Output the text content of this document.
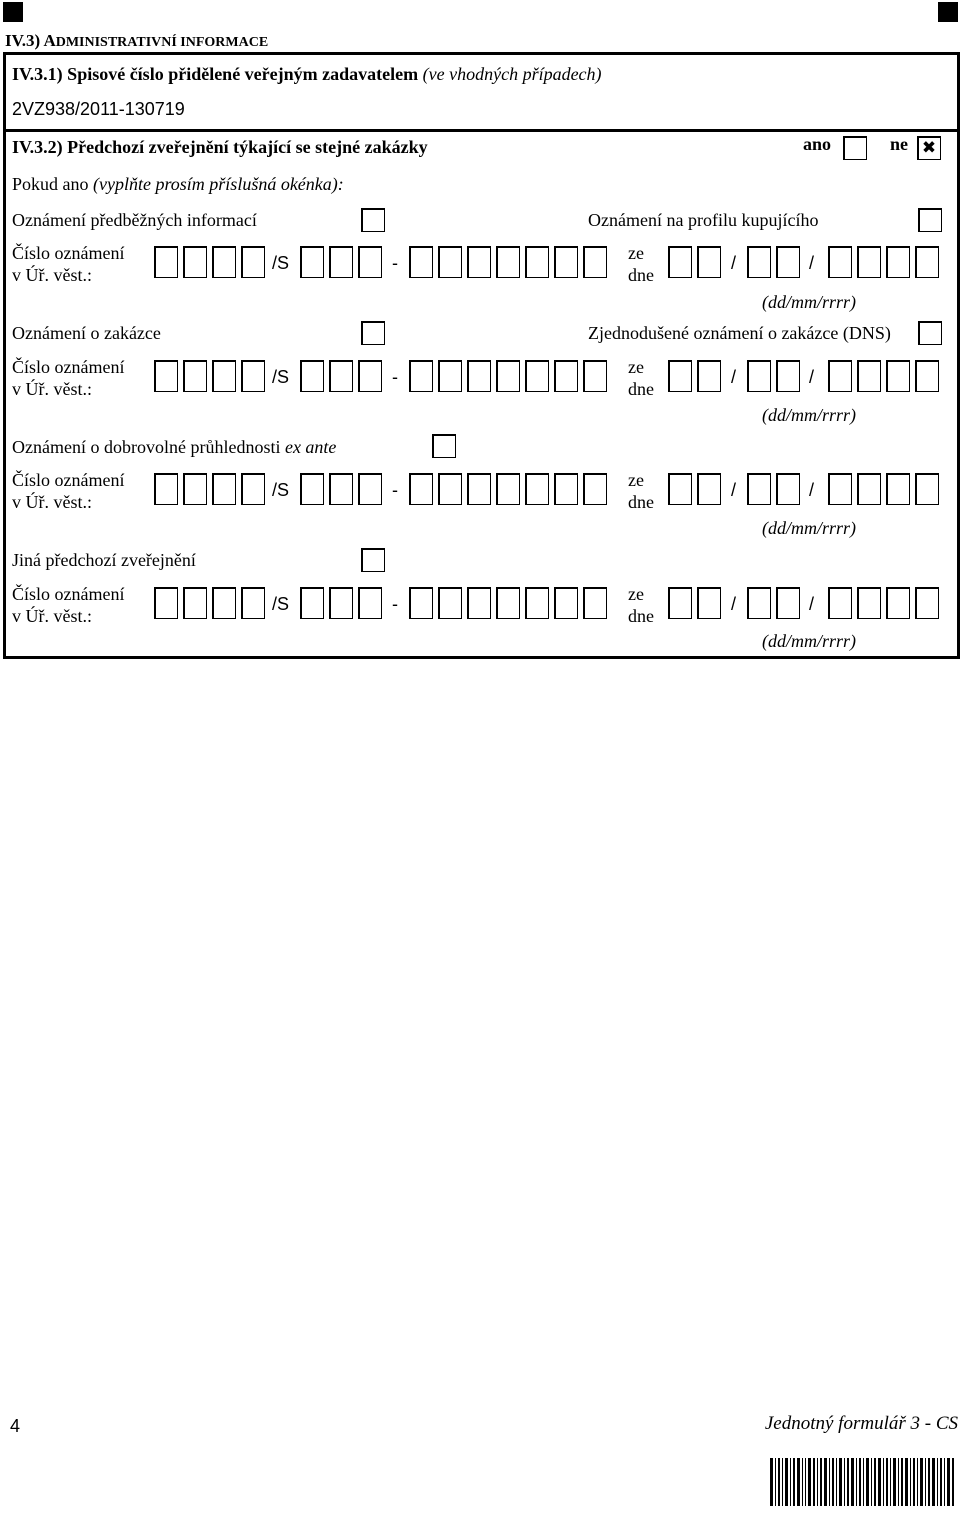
IV.3) ADMINISTRATIVNÍ INFORMACE
IV.3.1) Spisové číslo přidělené veřejným zadavatelem (ve vhodných případech)
2VZ938/2011-130719
IV.3.2) Předchozí zveřejnění týkající se stejné zakázky	ano	ne ✖
Pokud ano (vyplňte prosím příslušná okénka):
Oznámení předběžných informací	Oznámení na profilu kupujícího
Číslo oznámení
v Úř. věst.:
/S	-	ze
dne
/	/
(dd/mm/rrrr)
Oznámení o zakázce	Zjednodušené oznámení o zakázce (DNS)
Číslo oznámení
v Úř. věst.:
/S	-	ze
dne
/	/
(dd/mm/rrrr)
Oznámení o dobrovolné průhlednosti ex ante
Číslo oznámení
v Úř. věst.:
/S	-	ze
dne
/	/
(dd/mm/rrrr)
Jiná předchozí zveřejnění
Číslo oznámení
v Úř. věst.:
/S	-	ze
dne
/	/
(dd/mm/rrrr)
4	Jednotný formulář 3 - CS
